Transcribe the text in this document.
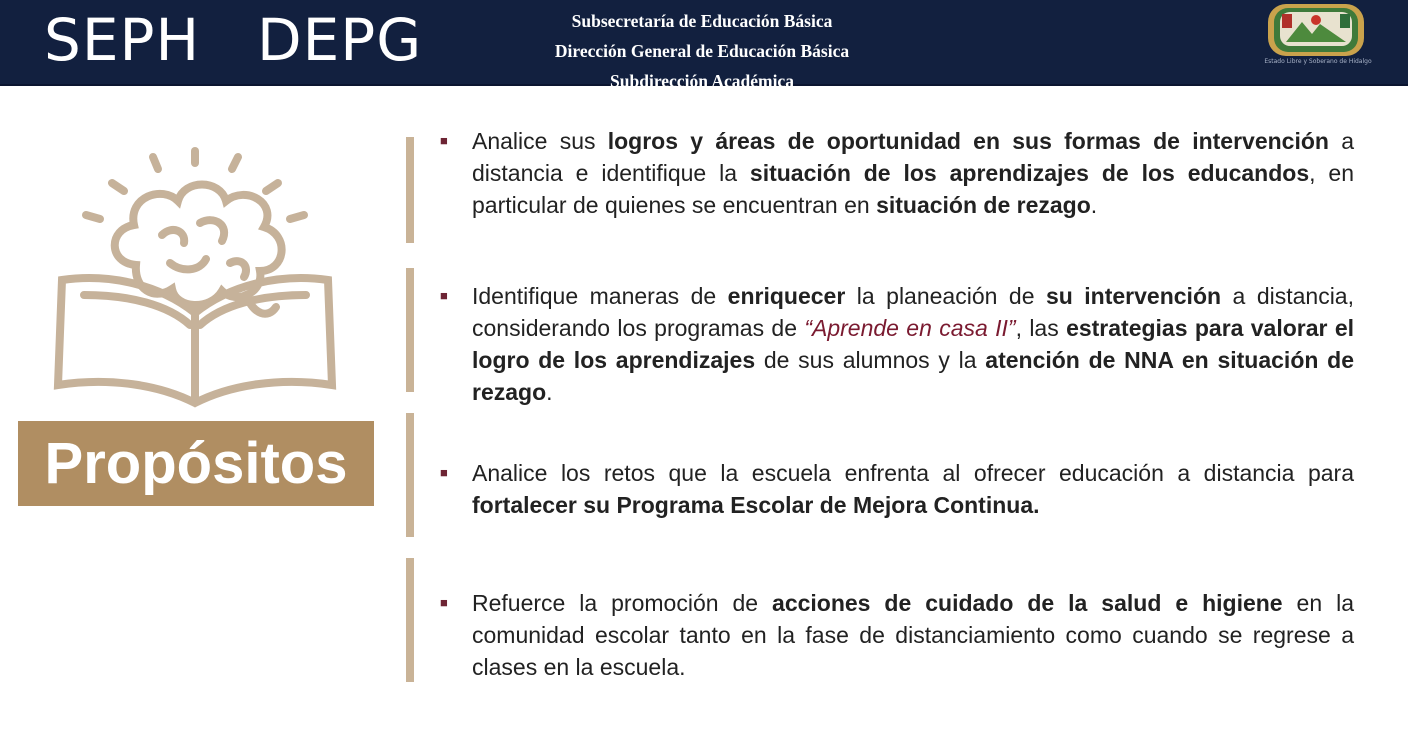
SEPH DEPG	Subsecretaría de Educación Básica
Dirección General de Educación Básica
Subdirección Académica
Estado Libre y Soberano de Hidalgo
Propósitos
■ Analice sus logros y áreas de oportunidad en sus formas de intervención a distancia e identifique la situación de los aprendizajes de los educandos, en particular de quienes se encuentran en situación de rezago.
■ Identifique maneras de enriquecer la planeación de su intervención a distancia, considerando los programas de “Aprende en casa II”, las estrategias para valorar el logro de los aprendizajes de sus alumnos y la atención de NNA en situación de rezago.
■ Analice los retos que la escuela enfrenta al ofrecer educación a distancia para fortalecer su Programa Escolar de Mejora Continua.
■ Refuerce la promoción de acciones de cuidado de la salud e higiene en la comunidad escolar tanto en la fase de distanciamiento como cuando se regrese a clases en la escuela.
